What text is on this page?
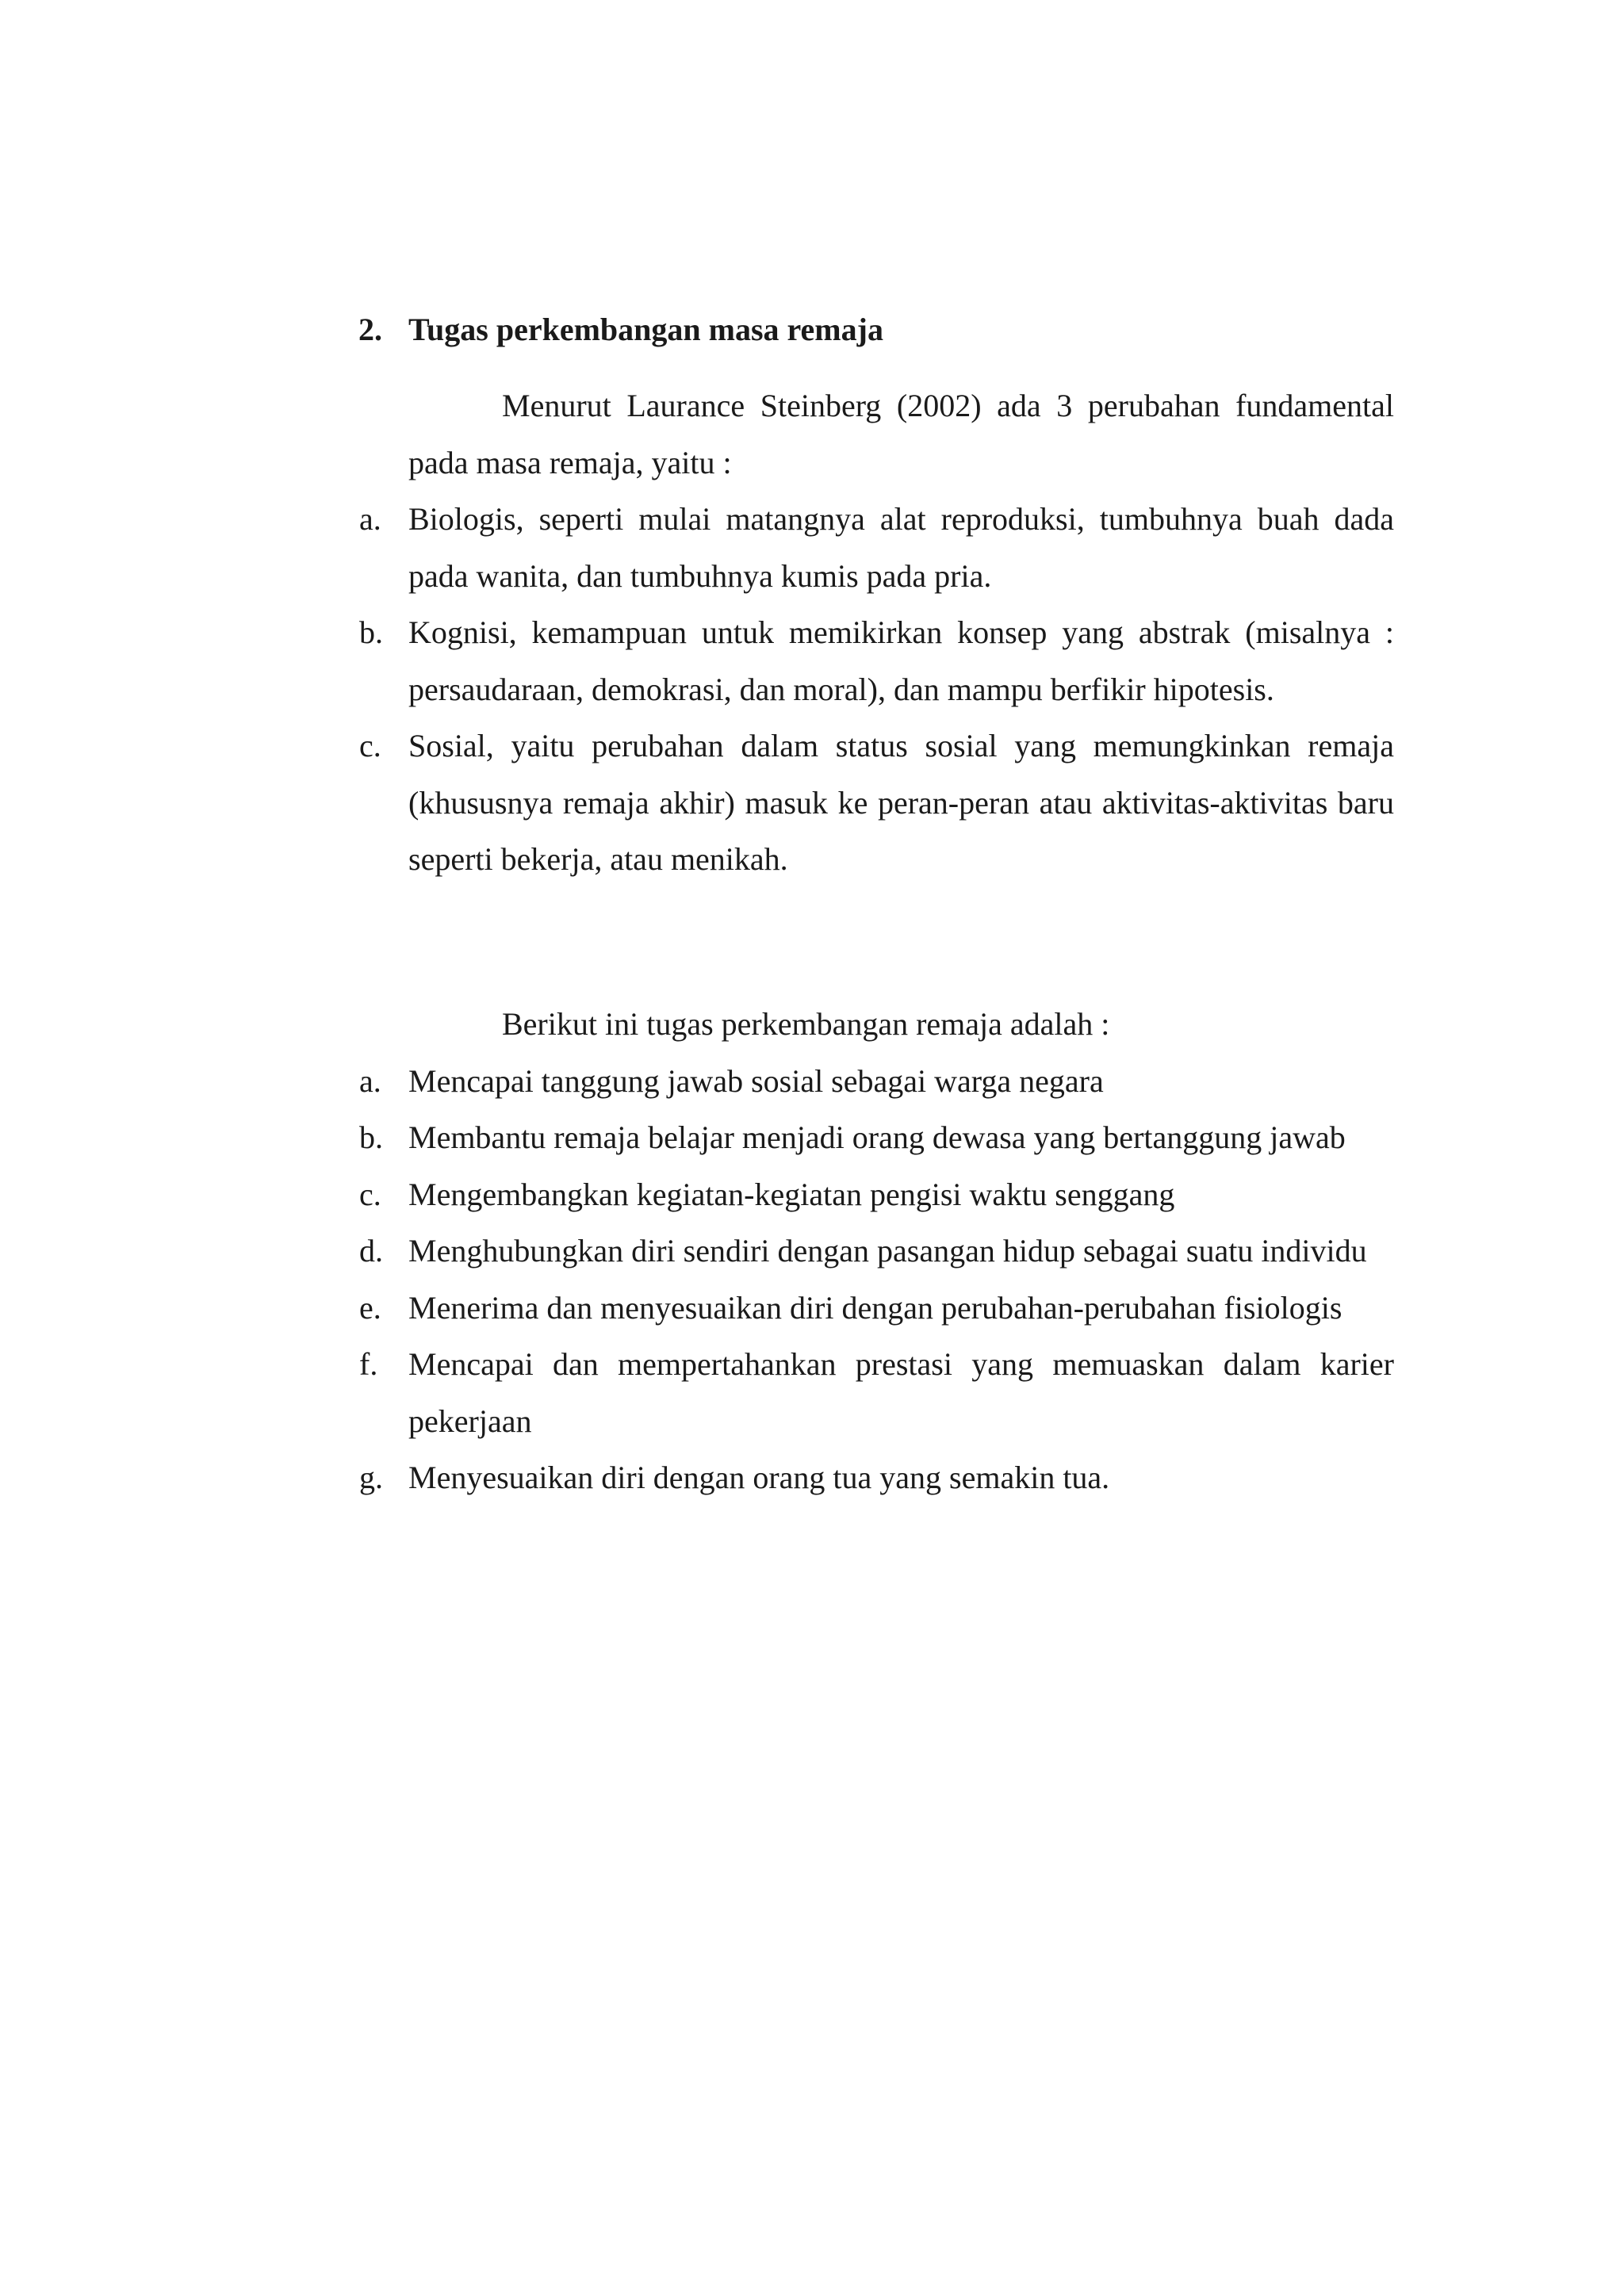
2. Tugas perkembangan masa remaja

Menurut Laurance Steinberg (2002) ada 3 perubahan fundamental pada masa remaja, yaitu :

a. Biologis, seperti mulai matangnya alat reproduksi, tumbuhnya buah dada pada wanita, dan tumbuhnya kumis pada pria.
b. Kognisi, kemampuan untuk memikirkan konsep yang abstrak (misalnya : persaudaraan, demokrasi, dan moral), dan mampu berfikir hipotesis.
c. Sosial, yaitu perubahan dalam status sosial yang memungkinkan remaja (khususnya remaja akhir) masuk ke peran-peran atau aktivitas-aktivitas baru seperti bekerja, atau menikah.

Berikut ini tugas perkembangan remaja adalah :

a. Mencapai tanggung jawab sosial sebagai warga negara
b. Membantu remaja belajar menjadi orang dewasa yang bertanggung jawab
c. Mengembangkan kegiatan-kegiatan pengisi waktu senggang
d. Menghubungkan diri sendiri dengan pasangan hidup sebagai suatu individu
e. Menerima dan menyesuaikan diri dengan perubahan-perubahan fisiologis
f. Mencapai dan mempertahankan prestasi yang memuaskan dalam karier pekerjaan
g. Menyesuaikan diri dengan orang tua yang semakin tua.
